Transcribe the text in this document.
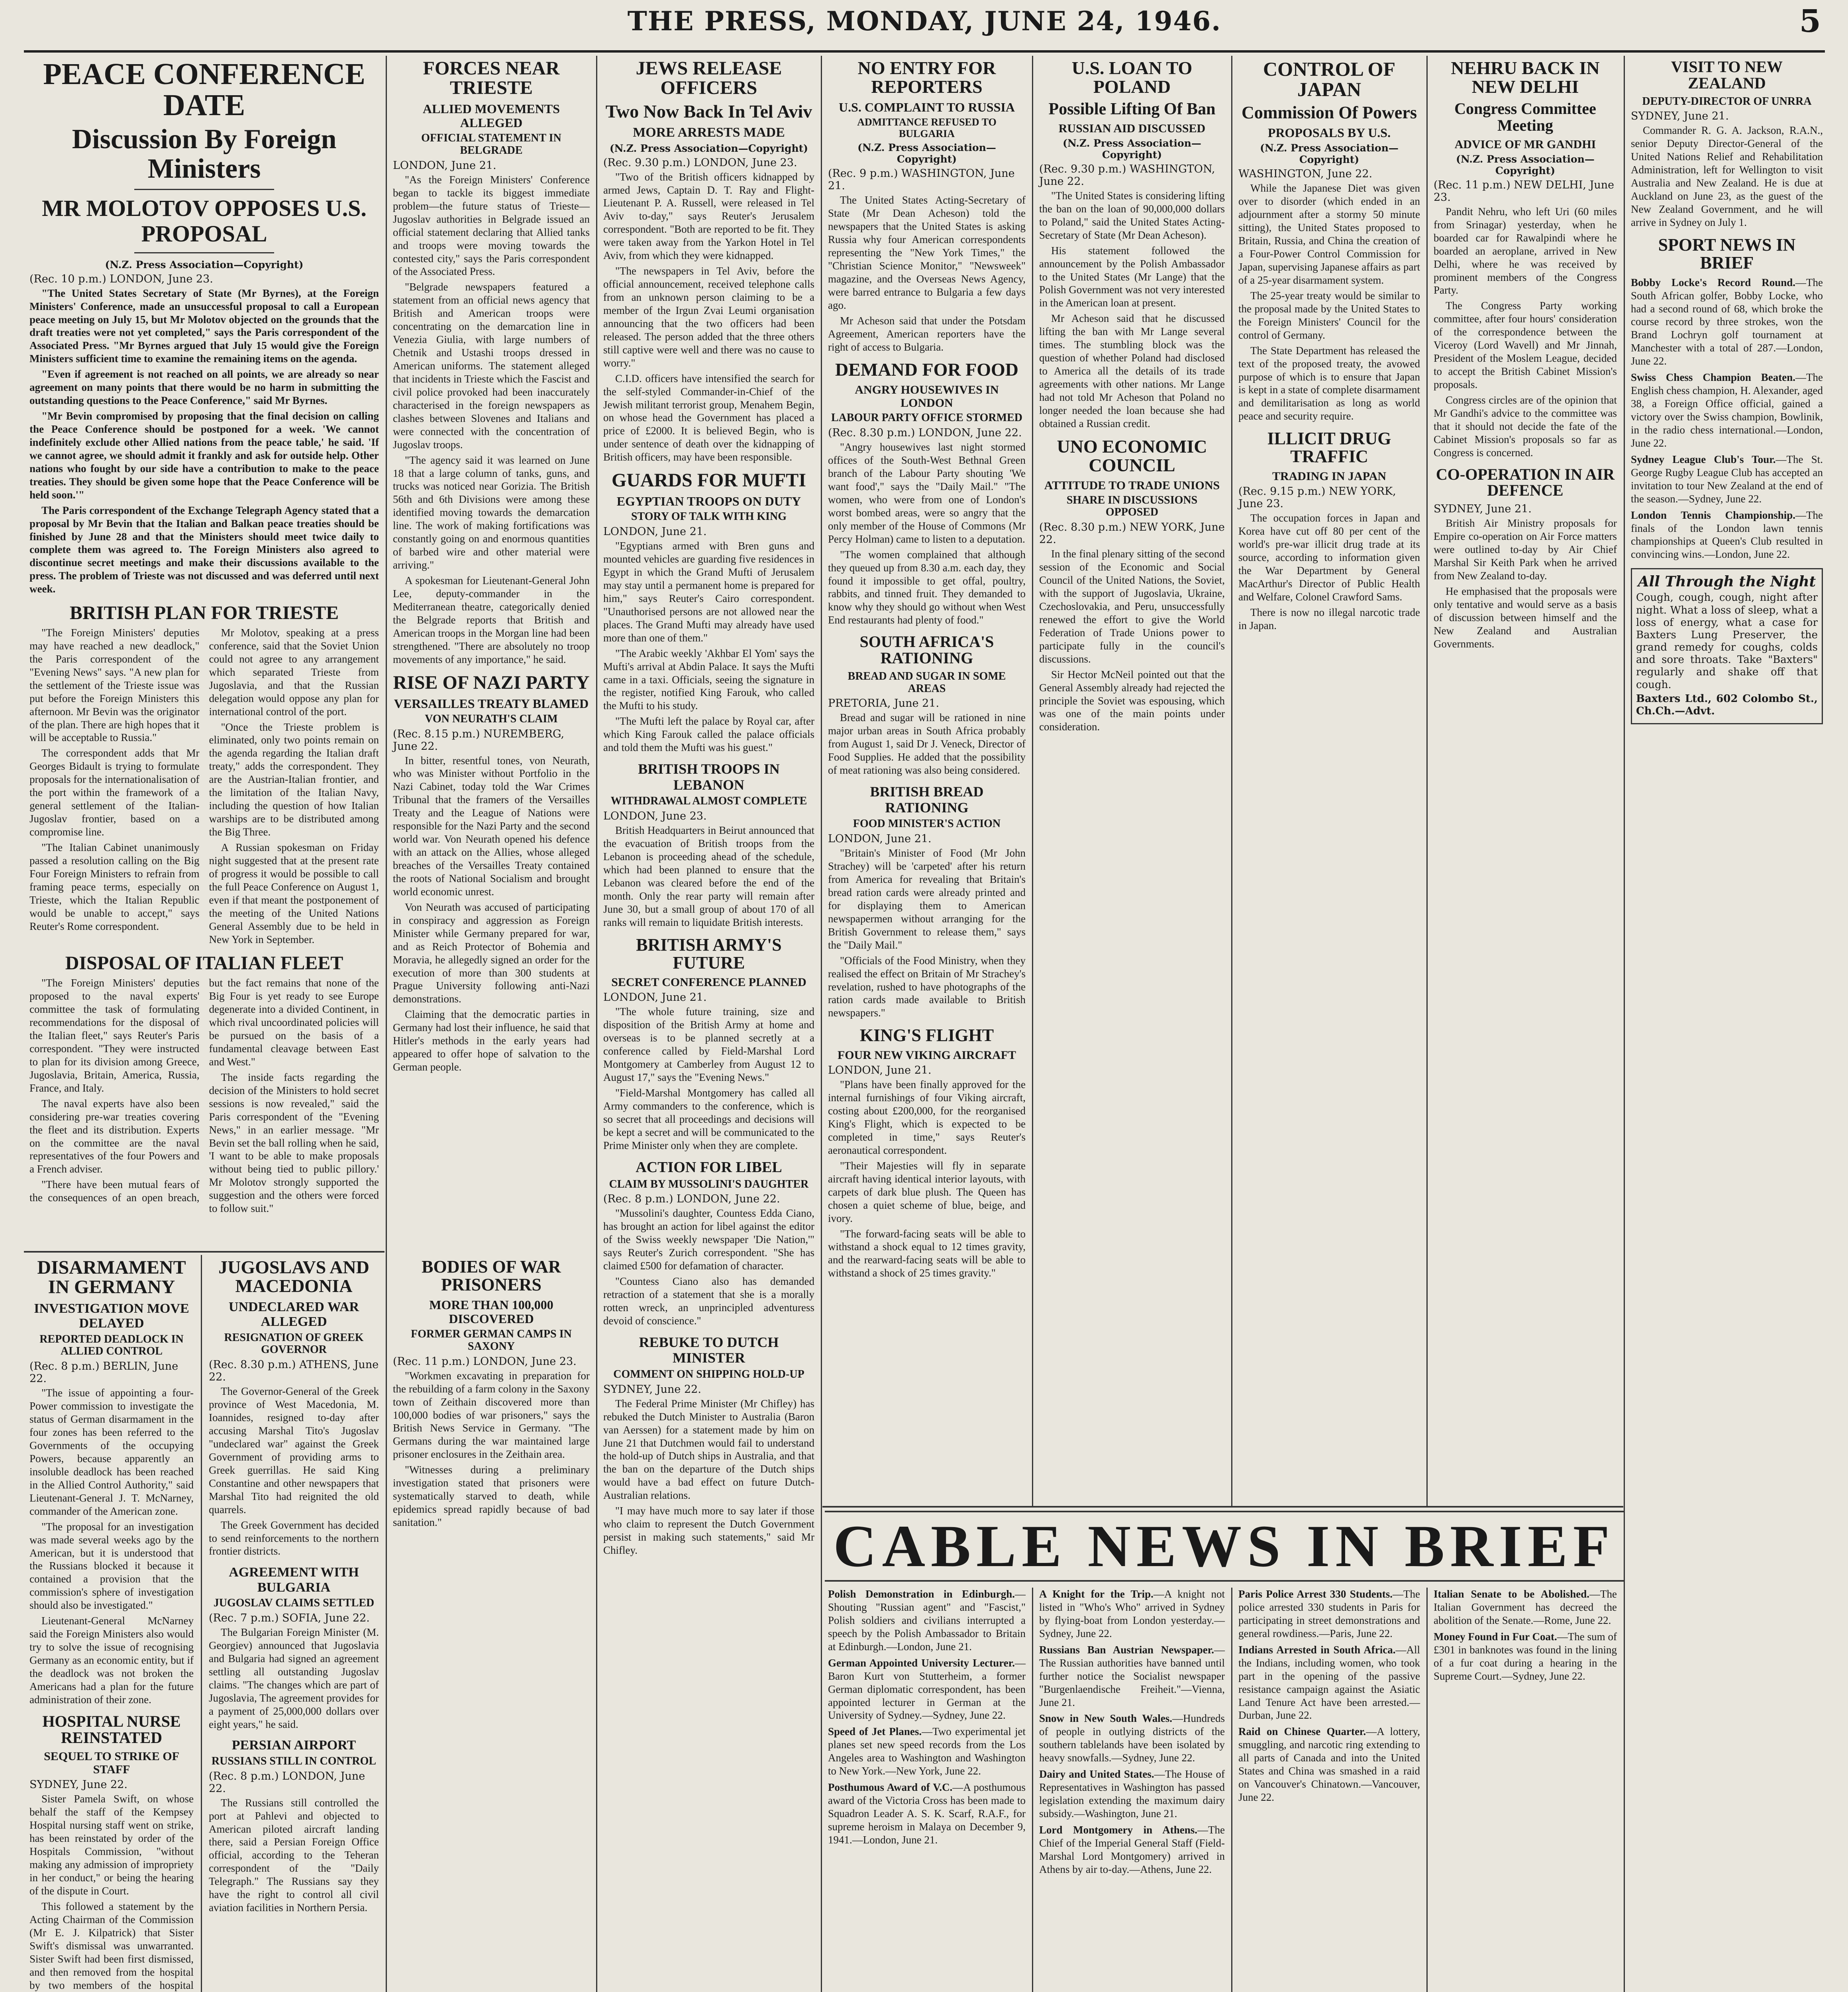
THE PRESS, MONDAY, JUNE 24, 1946.	5
PEACE CONFERENCE DATE
Discussion By Foreign Ministers
MR MOLOTOV OPPOSES U.S. PROPOSAL
(N.Z. Press Association—Copyright)
(Rec. 10 p.m.) LONDON, June 23.

"The United States Secretary of State (Mr Byrnes), at the Foreign Ministers' Conference, made an unsuccessful proposal to call a European peace meeting on July 15, but Mr Molotov objected on the grounds that the draft treaties were not yet completed," says the Paris correspondent of the Associated Press. "Mr Byrnes argued that July 15 would give the Foreign Ministers sufficient time to examine the remaining items on the agenda.

"Even if agreement is not reached on all points, we are already so near agreement on many points that there would be no harm in submitting the outstanding questions to the Peace Conference," said Mr Byrnes.

"Mr Bevin compromised by proposing that the final decision on calling the Peace Conference should be postponed for a week. 'We cannot indefinitely exclude other Allied nations from the peace table,' he said. 'If we cannot agree, we should admit it frankly and ask for outside help. Other nations who fought by our side have a contribution to make to the peace treaties. They should be given some hope that the Peace Conference will be held soon.'"

The Paris correspondent of the Exchange Telegraph Agency stated that a proposal by Mr Bevin that the Italian and Balkan peace treaties should be finished by June 28 and that the Ministers should meet twice daily to complete them was agreed to. The Foreign Ministers also agreed to discontinue secret meetings and make their discussions available to the press. The problem of Trieste was not discussed and was deferred until next week.

BRITISH PLAN FOR TRIESTE

"The Foreign Ministers' deputies may have reached a new deadlock," the Paris correspondent of the "Evening News" says. "A new plan for the settlement of the Trieste issue was put before the Foreign Ministers this afternoon. Mr Bevin was the originator of the plan. There are high hopes that it will be acceptable to Russia."

The correspondent adds that Mr Georges Bidault is trying to formulate proposals for the internationalisation of the port within the framework of a general settlement of the Italian-Jugoslav frontier, based on a compromise line.

"The Italian Cabinet unanimously passed a resolution calling on the Big Four Foreign Ministers to refrain from framing peace terms, especially on Trieste, which the Italian Republic would be unable to accept," says Reuter's Rome correspondent.

Mr Molotov, speaking at a press conference, said that the Soviet Union could not agree to any arrangement which separated Trieste from Jugoslavia, and that the Russian delegation would oppose any plan for international control of the port.

"Once the Trieste problem is eliminated, only two points remain on the agenda regarding the Italian draft treaty," adds the correspondent. They are the Austrian-Italian frontier, and the limitation of the Italian Navy, including the question of how Italian warships are to be distributed among the Big Three.

A Russian spokesman on Friday night suggested that at the present rate of progress it would be possible to call the full Peace Conference on August 1, even if that meant the postponement of the meeting of the United Nations General Assembly due to be held in New York in September.

DISPOSAL OF ITALIAN FLEET

"The Foreign Ministers' deputies proposed to the naval experts' committee the task of formulating recommendations for the disposal of the Italian fleet," says Reuter's Paris correspondent. "They were instructed to plan for its division among Greece, Jugoslavia, Britain, America, Russia, France, and Italy.

The naval experts have also been considering pre-war treaties covering the fleet and its distribution. Experts on the committee are the naval representatives of the four Powers and a French adviser.

"There have been mutual fears of the consequences of an open breach, but the fact remains that none of the Big Four is yet ready to see Europe degenerate into a divided Continent, in which rival uncoordinated policies will be pursued on the basis of a fundamental cleavage between East and West."

The inside facts regarding the decision of the Ministers to hold secret sessions is now revealed," said the Paris correspondent of the "Evening News," in an earlier message. "Mr Bevin set the ball rolling when he said, 'I want to be able to make proposals without being tied to public pillory.' Mr Molotov strongly supported the suggestion and the others were forced to follow suit."

DISARMAMENT IN GERMANY
INVESTIGATION MOVE DELAYED
REPORTED DEADLOCK IN ALLIED CONTROL
(Rec. 8 p.m.) BERLIN, June 22.

"The issue of appointing a four-Power commission to investigate the status of German disarmament in the four zones has been referred to the Governments of the occupying Powers, because apparently an insoluble deadlock has been reached in the Allied Control Authority," said Lieutenant-General J. T. McNarney, commander of the American zone.

"The proposal for an investigation was made several weeks ago by the American, but it is understood that the Russians blocked it because it contained a provision that the commission's sphere of investigation should also be investigated."

Lieutenant-General McNarney said the Foreign Ministers also would try to solve the issue of recognising Germany as an economic entity, but if the deadlock was not broken the Americans had a plan for the future administration of their zone.

HOSPITAL NURSE REINSTATED
SEQUEL TO STRIKE OF STAFF
SYDNEY, June 22.

Sister Pamela Swift, on whose behalf the staff of the Kempsey Hospital nursing staff went on strike, has been reinstated by order of the Hospitals Commission, "without making any admission of impropriety in her conduct," or being the hearing of the dispute in Court.

This followed a statement by the Acting Chairman of the Commission (Mr E. J. Kilpatrick) that Sister Swift's dismissal was unwarranted. Sister Swift had been first dismissed, and then removed from the hospital by two members of the hospital

JUGOSLAVS AND MACEDONIA
UNDECLARED WAR ALLEGED
RESIGNATION OF GREEK GOVERNOR
(Rec. 8.30 p.m.) ATHENS, June 22.

The Governor-General of the Greek province of West Macedonia, M. Ioannides, resigned to-day after accusing Marshal Tito's Jugoslav "undeclared war" against the Greek Government of providing arms to Greek guerrillas. He said King Constantine and other newspapers that Marshal Tito had reignited the old quarrels.

The Greek Government has decided to send reinforcements to the northern frontier districts.

AGREEMENT WITH BULGARIA
JUGOSLAV CLAIMS SETTLED
(Rec. 7 p.m.) SOFIA, June 22.

The Bulgarian Foreign Minister (M. Georgiev) announced that Jugoslavia and Bulgaria had signed an agreement settling all outstanding Jugoslav claims. "The changes which are part of Jugoslavia, The agreement provides for a payment of 25,000,000 dollars over eight years," he said.

PERSIAN AIRPORT
RUSSIANS STILL IN CONTROL
(Rec. 8 p.m.) LONDON, June 22.

The Russians still controlled the port at Pahlevi and objected to American piloted aircraft landing there, said a Persian Foreign Office official, according to the Teheran correspondent of the "Daily Telegraph." The Russians say they have the right to control all civil aviation facilities in Northern Persia.

FORCES NEAR TRIESTE
ALLIED MOVEMENTS ALLEGED
OFFICIAL STATEMENT IN BELGRADE
LONDON, June 21.

"As the Foreign Ministers' Conference began to tackle its biggest immediate problem—the future status of Trieste—Jugoslav authorities in Belgrade issued an official statement declaring that Allied tanks and troops were moving towards the contested city," says the Paris correspondent of the Associated Press.

"Belgrade newspapers featured a statement from an official news agency that British and American troops were concentrating on the demarcation line in Venezia Giulia, with large numbers of Chetnik and Ustashi troops dressed in American uniforms. The statement alleged that incidents in Trieste which the Fascist and civil police provoked had been inaccurately characterised in the foreign newspapers as clashes between Slovenes and Italians and were connected with the concentration of Jugoslav troops.

"The agency said it was learned on June 18 that a large column of tanks, guns, and trucks was noticed near Gorizia. The British 56th and 6th Divisions were among these identified moving towards the demarcation line. The work of making fortifications was constantly going on and enormous quantities of barbed wire and other material were arriving."

A spokesman for Lieutenant-General John Lee, deputy-commander in the Mediterranean theatre, categorically denied the Belgrade reports that British and American troops in the Morgan line had been strengthened. "There are absolutely no troop movements of any importance," he said.

RISE OF NAZI PARTY
VERSAILLES TREATY BLAMED
VON NEURATH'S CLAIM
(Rec. 8.15 p.m.) NUREMBERG, June 22.

In bitter, resentful tones, von Neurath, who was Minister without Portfolio in the Nazi Cabinet, today told the War Crimes Tribunal that the framers of the Versailles Treaty and the League of Nations were responsible for the Nazi Party and the second world war. Von Neurath opened his defence with an attack on the Allies, whose alleged breaches of the Versailles Treaty contained the roots of National Socialism and brought world economic unrest.

Von Neurath was accused of participating in conspiracy and aggression as Foreign Minister while Germany prepared for war, and as Reich Protector of Bohemia and Moravia, he allegedly signed an order for the execution of more than 300 students at Prague University following anti-Nazi demonstrations.

Claiming that the democratic parties in Germany had lost their influence, he said that Hitler's methods in the early years had appeared to offer hope of salvation to the German people.

BODIES OF WAR PRISONERS
MORE THAN 100,000 DISCOVERED
FORMER GERMAN CAMPS IN SAXONY
(Rec. 11 p.m.) LONDON, June 23.

"Workmen excavating in preparation for the rebuilding of a farm colony in the Saxony town of Zeithain discovered more than 100,000 bodies of war prisoners," says the British News Service in Germany. "The Germans during the war maintained large prisoner enclosures in the Zeithain area.

"Witnesses during a preliminary investigation stated that prisoners were systematically starved to death, while epidemics spread rapidly because of bad sanitation."

JEWS RELEASE OFFICERS
Two Now Back In Tel Aviv
MORE ARRESTS MADE
(N.Z. Press Association—Copyright)
(Rec. 9.30 p.m.) LONDON, June 23.

"Two of the British officers kidnapped by armed Jews, Captain D. T. Ray and Flight-Lieutenant P. A. Russell, were released in Tel Aviv to-day," says Reuter's Jerusalem correspondent. "Both are reported to be fit. They were taken away from the Yarkon Hotel in Tel Aviv, from which they were kidnapped.

"The newspapers in Tel Aviv, before the official announcement, received telephone calls from an unknown person claiming to be a member of the Irgun Zvai Leumi organisation announcing that the two officers had been released. The person added that the three others still captive were well and there was no cause to worry."

C.I.D. officers have intensified the search for the self-styled Commander-in-Chief of the Jewish militant terrorist group, Menahem Begin, on whose head the Government has placed a price of £2000. It is believed Begin, who is under sentence of death over the kidnapping of British officers, may have been responsible.

GUARDS FOR MUFTI
EGYPTIAN TROOPS ON DUTY
STORY OF TALK WITH KING
LONDON, June 21.

"Egyptians armed with Bren guns and mounted vehicles are guarding five residences in Egypt in which the Grand Mufti of Jerusalem may stay until a permanent home is prepared for him," says Reuter's Cairo correspondent. "Unauthorised persons are not allowed near the places. The Grand Mufti may already have used more than one of them."

"The Arabic weekly 'Akhbar El Yom' says the Mufti's arrival at Abdin Palace. It says the Mufti came in a taxi. Officials, seeing the signature in the register, notified King Farouk, who called the Mufti to his study.

"The Mufti left the palace by Royal car, after which King Farouk called the palace officials and told them the Mufti was his guest."

BRITISH TROOPS IN LEBANON
WITHDRAWAL ALMOST COMPLETE
LONDON, June 23.

British Headquarters in Beirut announced that the evacuation of British troops from the Lebanon is proceeding ahead of the schedule, which had been planned to ensure that the Lebanon was cleared before the end of the month. Only the rear party will remain after June 30, but a small group of about 170 of all ranks will remain to liquidate British interests.

BRITISH ARMY'S FUTURE
SECRET CONFERENCE PLANNED
LONDON, June 21.

"The whole future training, size and disposition of the British Army at home and overseas is to be planned secretly at a conference called by Field-Marshal Lord Montgomery at Camberley from August 12 to August 17," says the "Evening News."

"Field-Marshal Montgomery has called all Army commanders to the conference, which is so secret that all proceedings and decisions will be kept a secret and will be communicated to the Prime Minister only when they are complete.

ACTION FOR LIBEL
CLAIM BY MUSSOLINI'S DAUGHTER
(Rec. 8 p.m.) LONDON, June 22.

"Mussolini's daughter, Countess Edda Ciano, has brought an action for libel against the editor of the Swiss weekly newspaper 'Die Nation,'" says Reuter's Zurich correspondent. "She has claimed £500 for defamation of character.

"Countess Ciano also has demanded retraction of a statement that she is a morally rotten wreck, an unprincipled adventuress devoid of conscience."

REBUKE TO DUTCH MINISTER
COMMENT ON SHIPPING HOLD-UP
SYDNEY, June 22.

The Federal Prime Minister (Mr Chifley) has rebuked the Dutch Minister to Australia (Baron van Aerssen) for a statement made by him on June 21 that Dutchmen would fail to understand the hold-up of Dutch ships in Australia, and that the ban on the departure of the Dutch ships would have a bad effect on future Dutch-Australian relations.

"I may have much more to say later if those who claim to represent the Dutch Government persist in making such statements," said Mr Chifley.

NO ENTRY FOR REPORTERS
U.S. COMPLAINT TO RUSSIA
ADMITTANCE REFUSED TO BULGARIA
(N.Z. Press Association—Copyright)
(Rec. 9 p.m.) WASHINGTON, June 21.

The United States Acting-Secretary of State (Mr Dean Acheson) told the newspapers that the United States is asking Russia why four American correspondents representing the "New York Times," the "Christian Science Monitor," "Newsweek" magazine, and the Overseas News Agency, were barred entrance to Bulgaria a few days ago.

Mr Acheson said that under the Potsdam Agreement, American reporters have the right of access to Bulgaria.

DEMAND FOR FOOD
ANGRY HOUSEWIVES IN LONDON
LABOUR PARTY OFFICE STORMED
(Rec. 8.30 p.m.) LONDON, June 22.

"Angry housewives last night stormed offices of the South-West Bethnal Green branch of the Labour Party shouting 'We want food'," says the "Daily Mail." "The women, who were from one of London's worst bombed areas, were so angry that the only member of the House of Commons (Mr Percy Holman) came to listen to a deputation.

"The women complained that although they queued up from 8.30 a.m. each day, they found it impossible to get offal, poultry, rabbits, and tinned fruit. They demanded to know why they should go without when West End restaurants had plenty of food."

SOUTH AFRICA'S RATIONING
BREAD AND SUGAR IN SOME AREAS
PRETORIA, June 21.

Bread and sugar will be rationed in nine major urban areas in South Africa probably from August 1, said Dr J. Veneck, Director of Food Supplies. He added that the possibility of meat rationing was also being considered.

BRITISH BREAD RATIONING
FOOD MINISTER'S ACTION
LONDON, June 21.

"Britain's Minister of Food (Mr John Strachey) will be 'carpeted' after his return from America for revealing that Britain's bread ration cards were already printed and for displaying them to American newspapermen without arranging for the British Government to release them," says the "Daily Mail."

"Officials of the Food Ministry, when they realised the effect on Britain of Mr Strachey's revelation, rushed to have photographs of the ration cards made available to British newspapers."

KING'S FLIGHT
FOUR NEW VIKING AIRCRAFT
LONDON, June 21.

"Plans have been finally approved for the internal furnishings of four Viking aircraft, costing about £200,000, for the reorganised King's Flight, which is expected to be completed in time," says Reuter's aeronautical correspondent.

"Their Majesties will fly in separate aircraft having identical interior layouts, with carpets of dark blue plush. The Queen has chosen a quiet scheme of blue, beige, and ivory.

"The forward-facing seats will be able to withstand a shock equal to 12 times gravity, and the rearward-facing seats will be able to withstand a shock of 25 times gravity."

U.S. LOAN TO POLAND
Possible Lifting Of Ban
RUSSIAN AID DISCUSSED
(N.Z. Press Association—Copyright)
(Rec. 9.30 p.m.) WASHINGTON, June 22.

"The United States is considering lifting the ban on the loan of 90,000,000 dollars to Poland," said the United States Acting-Secretary of State (Mr Dean Acheson).

His statement followed the announcement by the Polish Ambassador to the United States (Mr Lange) that the Polish Government was not very interested in the American loan at present.

Mr Acheson said that he discussed lifting the ban with Mr Lange several times. The stumbling block was the question of whether Poland had disclosed to America all the details of its trade agreements with other nations. Mr Lange had not told Mr Acheson that Poland no longer needed the loan because she had obtained a Russian credit.

UNO ECONOMIC COUNCIL
ATTITUDE TO TRADE UNIONS
SHARE IN DISCUSSIONS OPPOSED
(Rec. 8.30 p.m.) NEW YORK, June 22.

In the final plenary sitting of the second session of the Economic and Social Council of the United Nations, the Soviet, with the support of Jugoslavia, Ukraine, Czechoslovakia, and Peru, unsuccessfully renewed the effort to give the World Federation of Trade Unions power to participate fully in the council's discussions.

Sir Hector McNeil pointed out that the General Assembly already had rejected the principle the Soviet was espousing, which was one of the main points under consideration.

CONTROL OF JAPAN
Commission Of Powers
PROPOSALS BY U.S.
(N.Z. Press Association—Copyright)
WASHINGTON, June 22.

While the Japanese Diet was given over to disorder (which ended in an adjournment after a stormy 50 minute sitting), the United States proposed to Britain, Russia, and China the creation of a Four-Power Control Commission for Japan, supervising Japanese affairs as part of a 25-year disarmament system.

The 25-year treaty would be similar to the proposal made by the United States to the Foreign Ministers' Council for the control of Germany.

The State Department has released the text of the proposed treaty, the avowed purpose of which is to ensure that Japan is kept in a state of complete disarmament and demilitarisation as long as world peace and security require.

ILLICIT DRUG TRAFFIC
TRADING IN JAPAN
(Rec. 9.15 p.m.) NEW YORK, June 23.

The occupation forces in Japan and Korea have cut off 80 per cent of the world's pre-war illicit drug trade at its source, according to information given the War Department by General MacArthur's Director of Public Health and Welfare, Colonel Crawford Sams.

There is now no illegal narcotic trade in Japan.

NEHRU BACK IN NEW DELHI
Congress Committee Meeting
ADVICE OF MR GANDHI
(N.Z. Press Association—Copyright)
(Rec. 11 p.m.) NEW DELHI, June 23.

Pandit Nehru, who left Uri (60 miles from Srinagar) yesterday, when he boarded car for Rawalpindi where he boarded an aeroplane, arrived in New Delhi, where he was received by prominent members of the Congress Party.

The Congress Party working committee, after four hours' consideration of the correspondence between the Viceroy (Lord Wavell) and Mr Jinnah, President of the Moslem League, decided to accept the British Cabinet Mission's proposals.

Congress circles are of the opinion that Mr Gandhi's advice to the committee was that it should not decide the fate of the Cabinet Mission's proposals so far as Congress is concerned.

CO-OPERATION IN AIR DEFENCE
SYDNEY, June 21.

British Air Ministry proposals for Empire co-operation on Air Force matters were outlined to-day by Air Chief Marshal Sir Keith Park when he arrived from New Zealand to-day.

He emphasised that the proposals were only tentative and would serve as a basis of discussion between himself and the New Zealand and Australian Governments.

VISIT TO NEW ZEALAND
DEPUTY-DIRECTOR OF UNRRA
SYDNEY, June 21.

Commander R. G. A. Jackson, R.A.N., senior Deputy Director-General of the United Nations Relief and Rehabilitation Administration, left for Wellington to visit Australia and New Zealand. He is due at Auckland on June 23, as the guest of the New Zealand Government, and he will arrive in Sydney on July 1.

SPORT NEWS IN BRIEF

Bobby Locke's Record Round.—The South African golfer, Bobby Locke, who had a second round of 68, which broke the course record by three strokes, won the Brand Lochryn golf tournament at Manchester with a total of 287.—London, June 22.

Swiss Chess Champion Beaten.—The English chess champion, H. Alexander, aged 38, a Foreign Office official, gained a victory over the Swiss champion, Bowlinik, in the radio chess international.—London, June 22.

Sydney League Club's Tour.—The St. George Rugby League Club has accepted an invitation to tour New Zealand at the end of the season.—Sydney, June 22.

London Tennis Championship.—The finals of the London lawn tennis championships at Queen's Club resulted in convincing wins.—London, June 22.

All Through the Night

Cough, cough, cough, night after night. What a loss of sleep, what a loss of energy, what a case for Baxters Lung Preserver, the grand remedy for coughs, colds and sore throats. Take "Baxters" regularly and shake off that cough.

Baxters Ltd., 602 Colombo St., Ch.Ch.—Advt.

CABLE NEWS IN BRIEF

Polish Demonstration in Edinburgh.—Shouting "Russian agent" and "Fascist," Polish soldiers and civilians interrupted a speech by the Polish Ambassador to Britain at Edinburgh.—London, June 21.

German Appointed University Lecturer.—Baron Kurt von Stutterheim, a former German diplomatic correspondent, has been appointed lecturer in German at the University of Sydney.—Sydney, June 22.

Speed of Jet Planes.—Two experimental jet planes set new speed records from the Los Angeles area to Washington and Washington to New York.—New York, June 22.

Posthumous Award of V.C.—A posthumous award of the Victoria Cross has been made to Squadron Leader A. S. K. Scarf, R.A.F., for supreme heroism in Malaya on December 9, 1941.—London, June 21.

A Knight for the Trip.—A knight not listed in "Who's Who" arrived in Sydney by flying-boat from London yesterday.—Sydney, June 22.

Russians Ban Austrian Newspaper.—The Russian authorities have banned until further notice the Socialist newspaper "Burgenlaendische Freiheit."—Vienna, June 21.

Snow in New South Wales.—Hundreds of people in outlying districts of the southern tablelands have been isolated by heavy snowfalls.—Sydney, June 22.

Dairy and United States.—The House of Representatives in Washington has passed legislation extending the maximum dairy subsidy.—Washington, June 21.

Lord Montgomery in Athens.—The Chief of the Imperial General Staff (Field-Marshal Lord Montgomery) arrived in Athens by air to-day.—Athens, June 22.

Paris Police Arrest 330 Students.—The police arrested 330 students in Paris for participating in street demonstrations and general rowdiness.—Paris, June 22.

Indians Arrested in South Africa.—All the Indians, including women, who took part in the opening of the passive resistance campaign against the Asiatic Land Tenure Act have been arrested.—Durban, June 22.

Raid on Chinese Quarter.—A lottery, smuggling, and narcotic ring extending to all parts of Canada and into the United States and China was smashed in a raid on Vancouver's Chinatown.—Vancouver, June 22.

Italian Senate to be Abolished.—The Italian Government has decreed the abolition of the Senate.—Rome, June 22.

Money Found in Fur Coat.—The sum of £301 in banknotes was found in the lining of a fur coat during a hearing in the Supreme Court.—Sydney, June 22.
